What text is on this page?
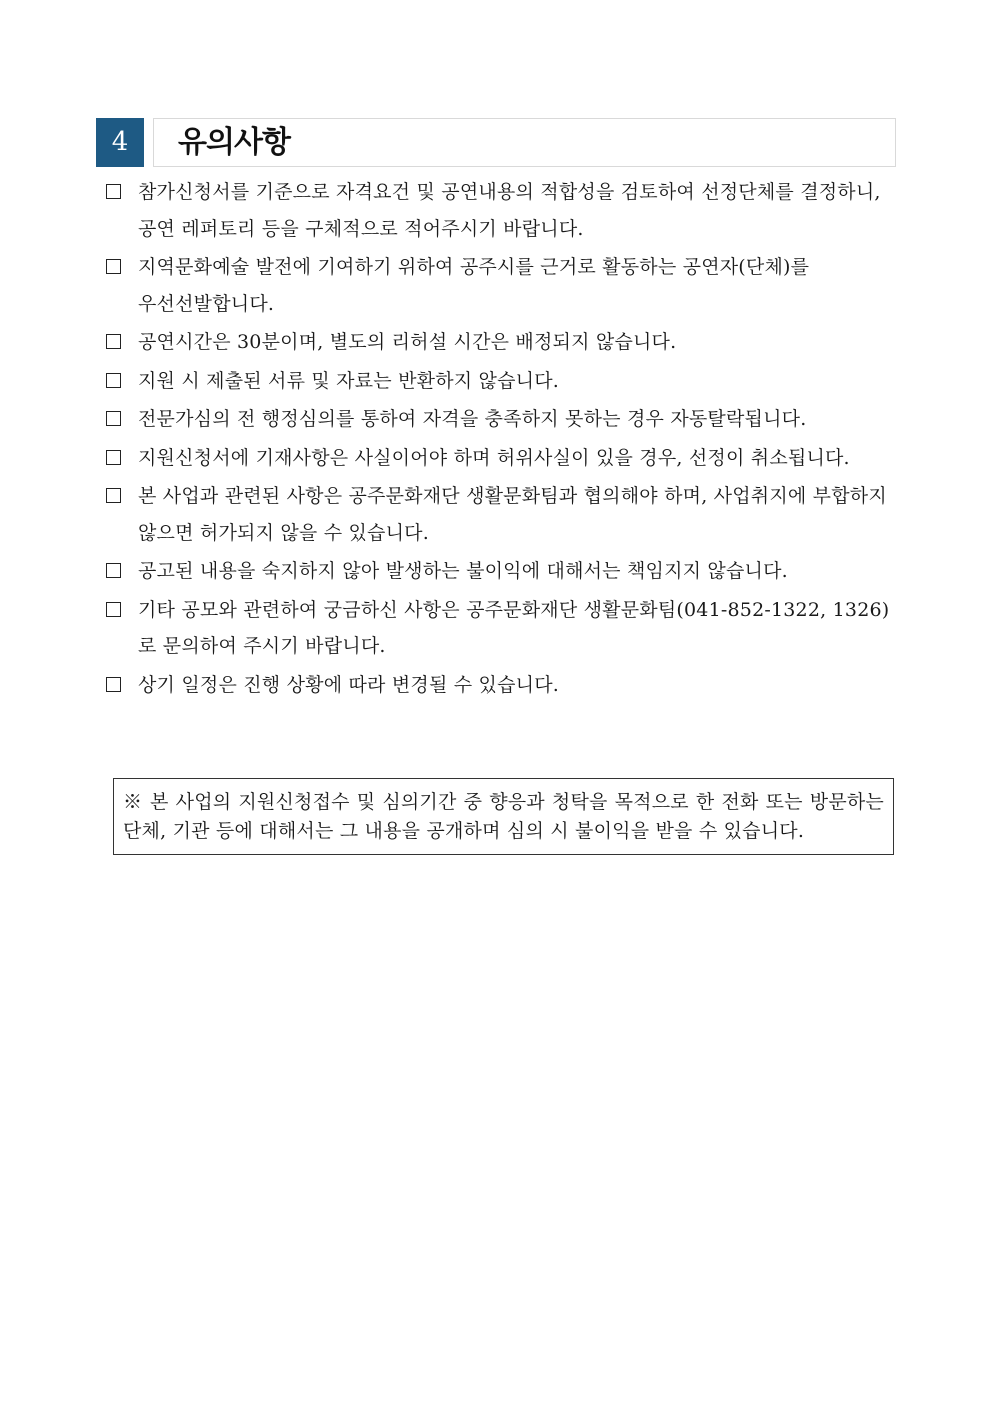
4	유의사항
참가신청서를 기준으로 자격요건 및 공연내용의 적합성을 검토하여 선정단체를 결정하니, 공연 레퍼토리 등을 구체적으로 적어주시기 바랍니다.
지역문화예술 발전에 기여하기 위하여 공주시를 근거로 활동하는 공연자(단체)를 우선선발합니다.
공연시간은 30분이며, 별도의 리허설 시간은 배정되지 않습니다.
지원 시 제출된 서류 및 자료는 반환하지 않습니다.
전문가심의 전 행정심의를 통하여 자격을 충족하지 못하는 경우 자동탈락됩니다.
지원신청서에 기재사항은 사실이어야 하며 허위사실이 있을 경우, 선정이 취소됩니다.
본 사업과 관련된 사항은 공주문화재단 생활문화팀과 협의해야 하며, 사업취지에 부합하지 않으면 허가되지 않을 수 있습니다.
공고된 내용을 숙지하지 않아 발생하는 불이익에 대해서는 책임지지 않습니다.
기타 공모와 관련하여 궁금하신 사항은 공주문화재단 생활문화팀(041-852-1322, 1326)로 문의하여 주시기 바랍니다.
상기 일정은 진행 상황에 따라 변경될 수 있습니다.
※ 본 사업의 지원신청접수 및 심의기간 중 향응과 청탁을 목적으로 한 전화 또는 방문하는 단체, 기관 등에 대해서는 그 내용을 공개하며 심의 시 불이익을 받을 수 있습니다.
